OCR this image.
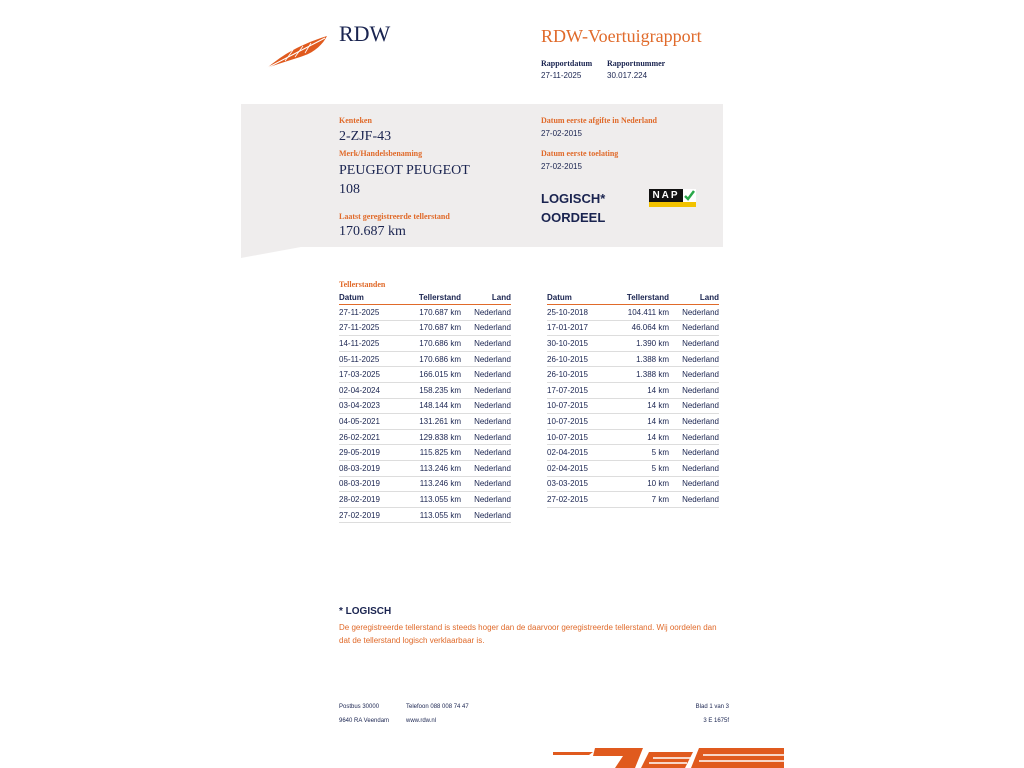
RDW	RDW-Voertuigrapport
Rapportdatum
27-11-2025
Rapportnummer
30.017.224
Kenteken
2-ZJF-43
Merk/Handelsbenaming
PEUGEOT PEUGEOT
108
Laatst geregistreerde tellerstand
170.687 km
Datum eerste afgifte in Nederland
27-02-2015
Datum eerste toelating
27-02-2015
LOGISCH*
OORDEEL
NAP
Tellerstanden
Datum	Tellerstand	Land
27-11-2025	170.687 km	Nederland
27-11-2025	170.687 km	Nederland
14-11-2025	170.686 km	Nederland
05-11-2025	170.686 km	Nederland
17-03-2025	166.015 km	Nederland
02-04-2024	158.235 km	Nederland
03-04-2023	148.144 km	Nederland
04-05-2021	131.261 km	Nederland
26-02-2021	129.838 km	Nederland
29-05-2019	115.825 km	Nederland
08-03-2019	113.246 km	Nederland
08-03-2019	113.246 km	Nederland
28-02-2019	113.055 km	Nederland
27-02-2019	113.055 km	Nederland
Datum	Tellerstand	Land
25-10-2018	104.411 km	Nederland
17-01-2017	46.064 km	Nederland
30-10-2015	1.390 km	Nederland
26-10-2015	1.388 km	Nederland
26-10-2015	1.388 km	Nederland
17-07-2015	14 km	Nederland
10-07-2015	14 km	Nederland
10-07-2015	14 km	Nederland
10-07-2015	14 km	Nederland
02-04-2015	5 km	Nederland
02-04-2015	5 km	Nederland
03-03-2015	10 km	Nederland
27-02-2015	7 km	Nederland
* LOGISCH
De geregistreerde tellerstand is steeds hoger dan de daarvoor geregistreerde tellerstand. Wij oordelen dan
dat de tellerstand logisch verklaarbaar is.
Postbus 30000
9640 RA Veendam
Telefoon 088 008 74 47
www.rdw.nl
Blad 1 van 3
3 E 1675f
